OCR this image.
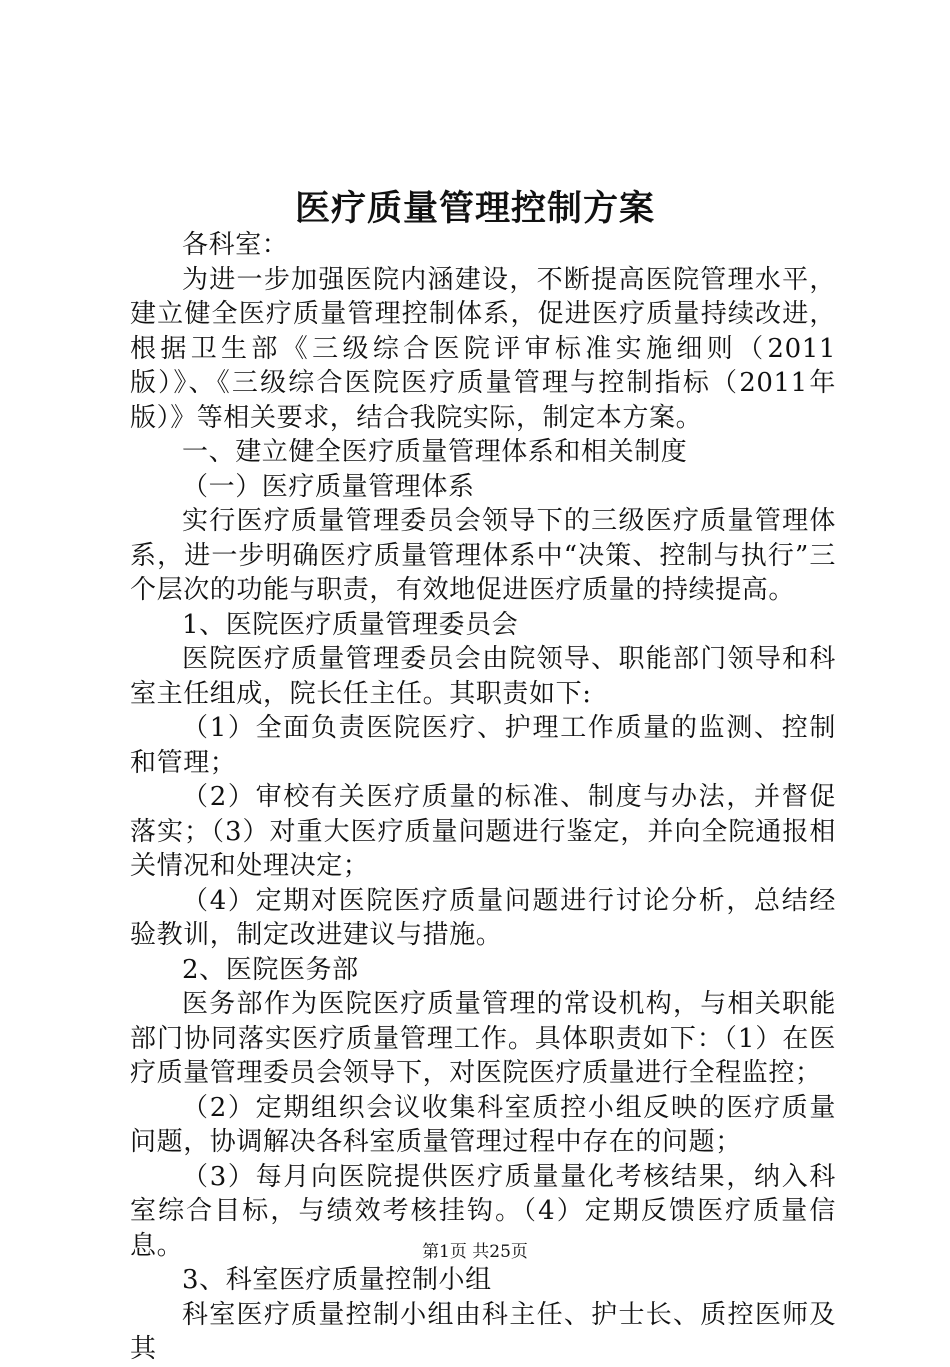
医疗质量管理控制方案

各科室：

为进一步加强医院内涵建设，不断提高医院管理水平，建立健全医疗质量管理控制体系，促进医疗质量持续改进，根据卫生部《三级综合医院评审标准实施细则（2011版）》、《三级综合医院医疗质量管理与控制指标（2011年版）》等相关要求，结合我院实际，制定本方案。

一、建立健全医疗质量管理体系和相关制度

（一）医疗质量管理体系

实行医疗质量管理委员会领导下的三级医疗质量管理体系，进一步明确医疗质量管理体系中“决策、控制与执行”三个层次的功能与职责，有效地促进医疗质量的持续提高。

1、医院医疗质量管理委员会

医院医疗质量管理委员会由院领导、职能部门领导和科室主任组成，院长任主任。其职责如下:

（1）全面负责医院医疗、护理工作质量的监测、控制和管理；

（2）审校有关医疗质量的标准、制度与办法，并督促落实；（3）对重大医疗质量问题进行鉴定，并向全院通报相关情况和处理决定；

（4）定期对医院医疗质量问题进行讨论分析，总结经验教训，制定改进建议与措施。

2、医院医务部

医务部作为医院医疗质量管理的常设机构，与相关职能部门协同落实医疗质量管理工作。具体职责如下：（1）在医疗质量管理委员会领导下，对医院医疗质量进行全程监控；

（2）定期组织会议收集科室质控小组反映的医疗质量问题，协调解决各科室质量管理过程中存在的问题；

（3）每月向医院提供医疗质量量化考核结果，纳入科室综合目标，与绩效考核挂钩。（4）定期反馈医疗质量信息。

3、科室医疗质量控制小组

科室医疗质量控制小组由科主任、护士长、质控医师及其

第1页 共25页
